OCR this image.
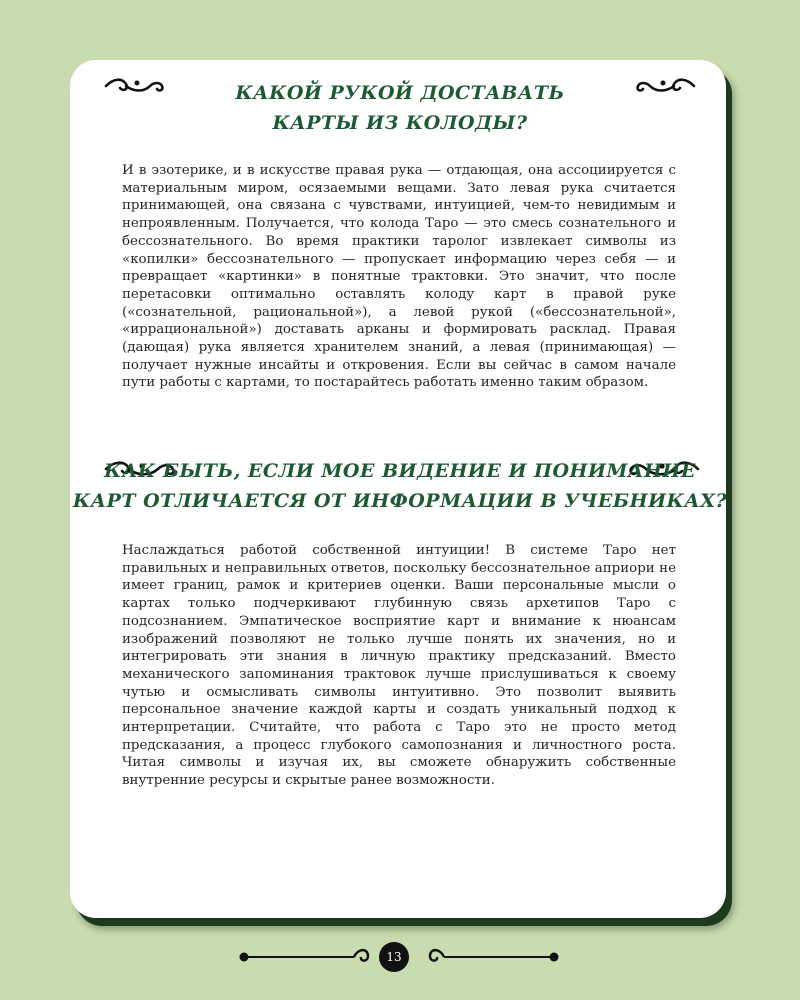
КАКОЙ РУКОЙ ДОСТАВАТЬ
КАРТЫ ИЗ КОЛОДЫ?

И в эзотерике, и в искусстве правая рука — отдающая, она ассоциируется с материальным миром, осязаемыми вещами. Зато левая рука считается принимающей, она связана с чувствами, интуицией, чем-то невидимым и непроявленным. Получается, что колода Таро — это смесь сознательного и бессознательного. Во время практики таролог извлекает символы из «копилки» бессознательного — пропускает информацию через себя — и превращает «картинки» в понятные трактовки. Это значит, что после перетасовки оптимально оставлять колоду карт в правой руке («сознательной, рациональной»), а левой рукой («бессознательной», «иррациональной») доставать арканы и формировать расклад. Правая (дающая) рука является хранителем знаний, а левая (принимающая) — получает нужные инсайты и откровения. Если вы сейчас в самом начале пути работы с картами, то постарайтесь работать именно таким образом.

КАК БЫТЬ, ЕСЛИ МОЕ ВИДЕНИЕ И ПОНИМАНИЕ
КАРТ ОТЛИЧАЕТСЯ ОТ ИНФОРМАЦИИ В УЧЕБНИКАХ?

Наслаждаться работой собственной интуиции! В системе Таро нет правильных и неправильных ответов, поскольку бессознательное априори не имеет границ, рамок и критериев оценки. Ваши персональные мысли о картах только подчеркивают глубинную связь архетипов Таро с подсознанием. Эмпатическое восприятие карт и внимание к нюансам изображений позволяют не только лучше понять их значения, но и интегрировать эти знания в личную практику предсказаний. Вместо механического запоминания трактовок лучше прислушиваться к своему чутью и осмысливать символы интуитивно. Это позволит выявить персональное значение каждой карты и создать уникальный подход к интерпретации. Считайте, что работа с Таро это не просто метод предсказания, а процесс глубокого самопознания и личностного роста. Читая символы и изучая их, вы сможете обнаружить собственные внутренние ресурсы и скрытые ранее возможности.

13
